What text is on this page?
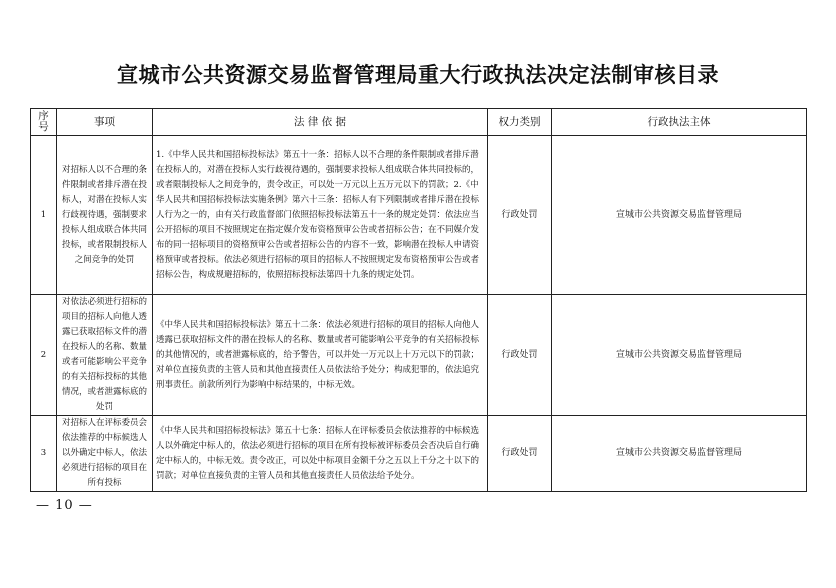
宣城市公共资源交易监督管理局重大行政执法决定法制审核目录
序号	事项	法 律 依 据	权力类别	行政执法主体
1	对招标人以不合理的条件限制或者排斥潜在投标人，对潜在投标人实行歧视待遇，强制要求投标人组成联合体共同投标，或者限制投标人之间竞争的处罚	1.《中华人民共和国招标投标法》第五十一条：招标人以不合理的条件限制或者排斥潜在投标人的，对潜在投标人实行歧视待遇的，强制要求投标人组成联合体共同投标的，或者限制投标人之间竞争的，责令改正，可以处一万元以上五万元以下的罚款；2.《中华人民共和国招标投标法实施条例》第六十三条：招标人有下列限制或者排斥潜在投标人行为之一的，由有关行政监督部门依照招标投标法第五十一条的规定处罚：依法应当公开招标的项目不按照规定在指定媒介发布资格预审公告或者招标公告；在不同媒介发布的同一招标项目的资格预审公告或者招标公告的内容不一致，影响潜在投标人申请资格预审或者投标。依法必须进行招标的项目的招标人不按照规定发布资格预审公告或者招标公告，构成规避招标的，依照招标投标法第四十九条的规定处罚。	行政处罚	宣城市公共资源交易监督管理局
2	对依法必须进行招标的项目的招标人向他人透露已获取招标文件的潜在投标人的名称、数量或者可能影响公平竞争的有关招标投标的其他情况，或者泄露标底的处罚	《中华人民共和国招标投标法》第五十二条：依法必须进行招标的项目的招标人向他人透露已获取招标文件的潜在投标人的名称、数量或者可能影响公平竞争的有关招标投标的其他情况的，或者泄露标底的，给予警告，可以并处一万元以上十万元以下的罚款；对单位直接负责的主管人员和其他直接责任人员依法给予处分；构成犯罪的，依法追究刑事责任。前款所列行为影响中标结果的，中标无效。	行政处罚	宣城市公共资源交易监督管理局
3	对招标人在评标委员会依法推荐的中标候选人以外确定中标人，依法必须进行招标的项目在所有投标	《中华人民共和国招标投标法》第五十七条：招标人在评标委员会依法推荐的中标候选人以外确定中标人的，依法必须进行招标的项目在所有投标被评标委员会否决后自行确定中标人的，中标无效。责令改正，可以处中标项目金额千分之五以上千分之十以下的罚款；对单位直接负责的主管人员和其他直接责任人员依法给予处分。	行政处罚	宣城市公共资源交易监督管理局
— 10 —
